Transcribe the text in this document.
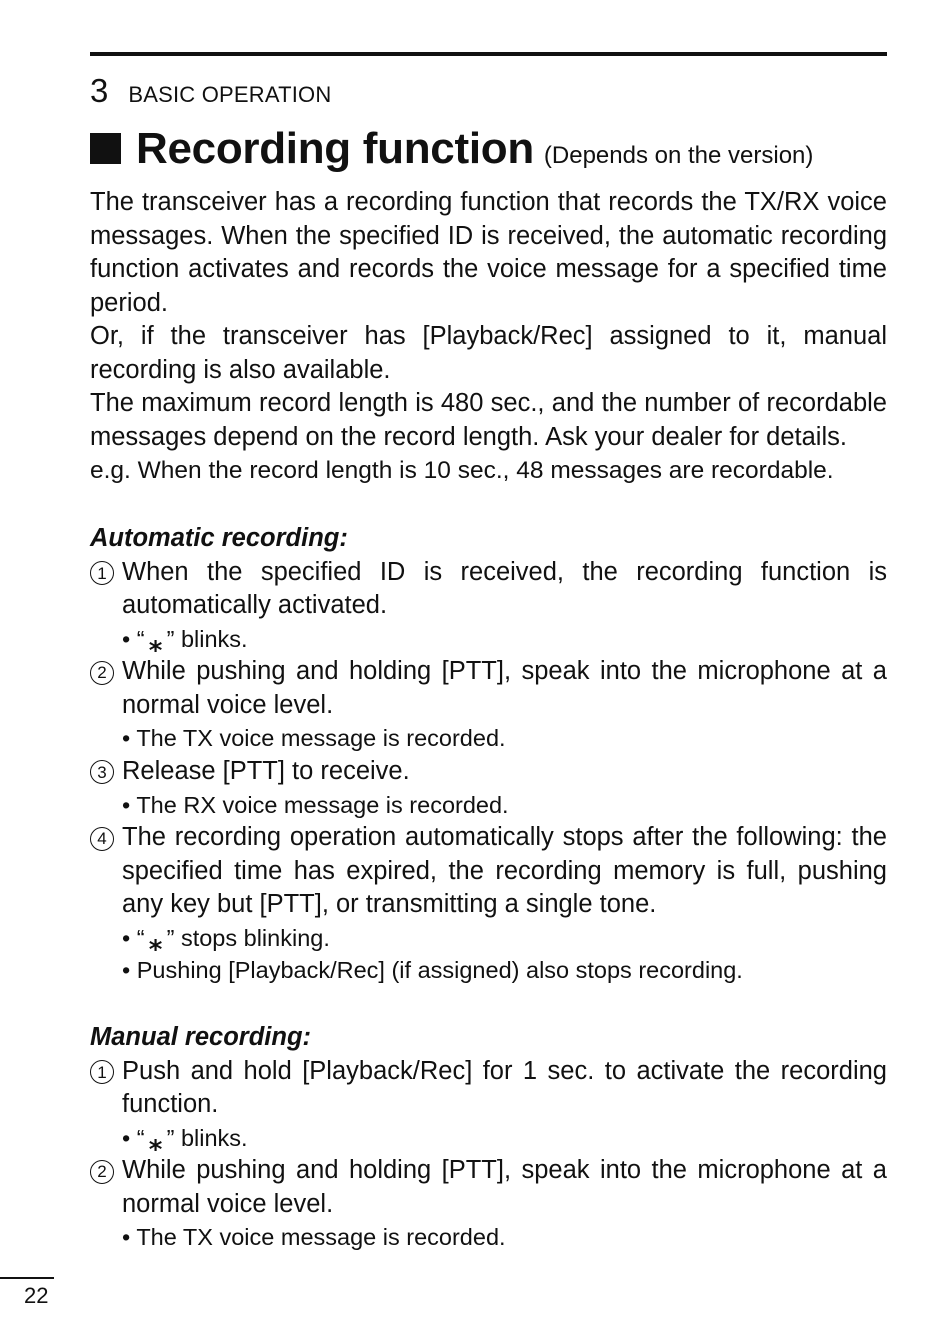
3 BASIC OPERATION
Recording function (Depends on the version)

The transceiver has a recording function that records the TX/RX voice messages. When the specified ID is received, the automatic recording function activates and records the voice message for a specified time period.

Or, if the transceiver has [Playback/Rec] assigned to it, manual recording is also available.

The maximum record length is 480 sec., and the number of recordable messages depend on the record length. Ask your dealer for details.

e.g. When the record length is 10 sec., 48 messages are recordable.

Automatic recording:
1 When the specified ID is received, the recording function is automatically activated.
• “ ⁎ ” blinks.
2 While pushing and holding [PTT], speak into the microphone at a normal voice level.
• The TX voice message is recorded.
3 Release [PTT] to receive.
• The RX voice message is recorded.
4 The recording operation automatically stops after the following: the specified time has expired, the recording memory is full, pushing any key but [PTT], or transmitting a single tone.
• “ ⁎ ” stops blinking.
• Pushing [Playback/Rec] (if assigned) also stops recording.
Manual recording:
1 Push and hold [Playback/Rec] for 1 sec. to activate the recording function.
• “ ⁎ ” blinks.
2 While pushing and holding [PTT], speak into the microphone at a normal voice level.
• The TX voice message is recorded.
22
